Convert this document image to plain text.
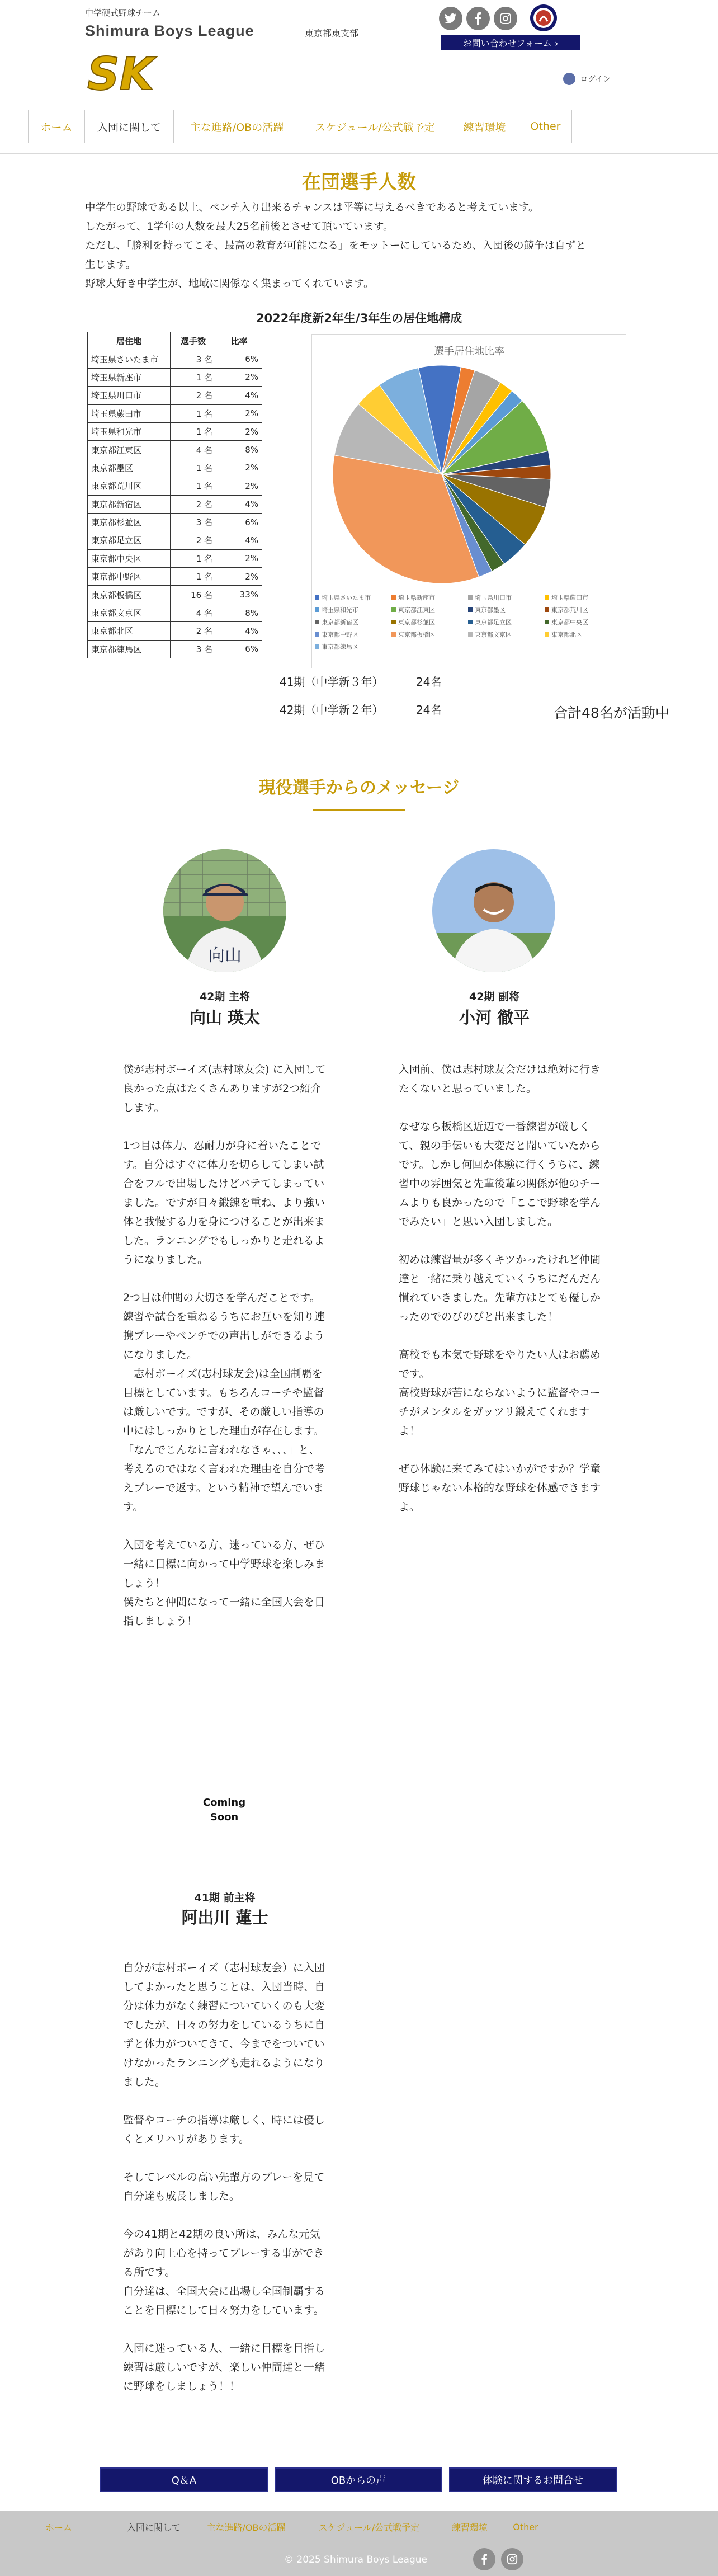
中学硬式野球チーム
Shimura Boys League	東京都東支部
SK
お問い合わせフォーム ›
ログイン
ホーム	入団に関して	主な進路/OBの活躍	スケジュール/公式戦予定	練習環境	Other
在団選手人数

中学生の野球である以上、ベンチ入り出来るチャンスは平等に与えるべきであると考えています。

したがって、1学年の人数を最大25名前後とさせて頂いています。

ただし、「勝利を持ってこそ、最高の教育が可能になる」をモットーにしているため、入団後の競争は自ずと

生じます。

野球大好き中学生が、地域に関係なく集まってくれています。

2022年度新2年生/3年生の居住地構成
居住地	選手数	比率
埼玉県さいたま市	3 名	6%
埼玉県新座市	1 名	2%
埼玉県川口市	2 名	4%
埼玉県蕨田市	1 名	2%
埼玉県和光市	1 名	2%
東京都江東区	4 名	8%
東京都墨区	1 名	2%
東京都荒川区	1 名	2%
東京都新宿区	2 名	4%
東京都杉並区	3 名	6%
東京都足立区	2 名	4%
東京都中央区	1 名	2%
東京都中野区	1 名	2%
東京都板橋区	16 名	33%
東京都文京区	4 名	8%
東京都北区	2 名	4%
東京都練馬区	3 名	6%
選手居住地比率
埼玉県さいたま市	埼玉県新座市	埼玉県川口市	埼玉県蕨田市
埼玉県和光市	東京都江東区	東京都墨区	東京都荒川区
東京都新宿区	東京都杉並区	東京都足立区	東京都中央区
東京都中野区	東京都板橋区	東京都文京区	東京都北区
東京都練馬区
41期（中学新３年）	24名
42期（中学新２年）	24名	合計48名が活動中
現役選手からのメッセージ
向山
42期 主将
向山 瑛太
僕が志村ボーイズ(志村球友会) に入団して良かった点はたくさんありますが2つ紹介します。

1つ目は体力、忍耐力が身に着いたことです。自分はすぐに体力を切らしてしまい試合をフルで出場したけどバテてしまっていました。ですが日々鍛錬を重ね、より強い体と我慢する力を身につけることが出来ました。ランニングでもしっかりと走れるようになりました。

2つ目は仲間の大切さを学んだことです。練習や試合を重ねるうちにお互いを知り連携プレーやベンチでの声出しができるようになりました。
　志村ボーイズ(志村球友会)は全国制覇を目標としています。もちろんコーチや監督は厳しいです。ですが、その厳しい指導の中にはしっかりとした理由が存在します。「なんでこんなに言われなきゃ、、、」と、考えるのではなく言われた理由を自分で考えプレーで返す。という精神で望んでいます。

入団を考えている方、迷っている方、ぜひ一緒に目標に向かって中学野球を楽しみましょう！
僕たちと仲間になって一緒に全国大会を目指しましょう！
42期 副将
小河 徹平
入団前、僕は志村球友会だけは絶対に行きたくないと思っていました。

なぜなら板橋区近辺で一番練習が厳しくて、親の手伝いも大変だと聞いていたからです。しかし何回か体験に行くうちに、練習中の雰囲気と先輩後輩の関係が他のチームよりも良かったので「ここで野球を学んでみたい」と思い入団しました。

初めは練習量が多くキツかったけれど仲間達と一緒に乗り越えていくうちにだんだん慣れていきました。先輩方はとても優しかったのでのびのびと出来ました！

高校でも本気で野球をやりたい人はお薦めです。
高校野球が苦にならないように監督やコーチがメンタルをガッツリ鍛えてくれますよ！

ぜひ体験に来てみてはいかがですか？学童野球じゃない本格的な野球を体感できますよ。
Coming
Soon
41期 前主将
阿出川 蓮士
自分が志村ボーイズ（志村球友会）に入団してよかったと思うことは、入団当時、自分は体力がなく練習についていくのも大変でしたが、日々の努力をしているうちに自ずと体力がついてきて、今までをついていけなかったランニングも走れるようになりました。

監督やコーチの指導は厳しく、時には優しくとメリハリがあります。

そしてレベルの高い先輩方のプレーを見て自分達も成長しました。

今の41期と42期の良い所は、みんな元気があり向上心を持ってプレーする事ができる所です。
自分達は、全国大会に出場し全国制覇することを目標にして日々努力をしています。

入団に迷っている人、一緒に目標を目指し練習は厳しいですが、楽しい仲間達と一緒に野球をしましょう！！
Q＆A	OBからの声	体験に関するお問合せ
ホーム	入団に関して	主な進路/OBの活躍	スケジュール/公式戦予定	練習環境	Other
© 2025 Shimura Boys League
